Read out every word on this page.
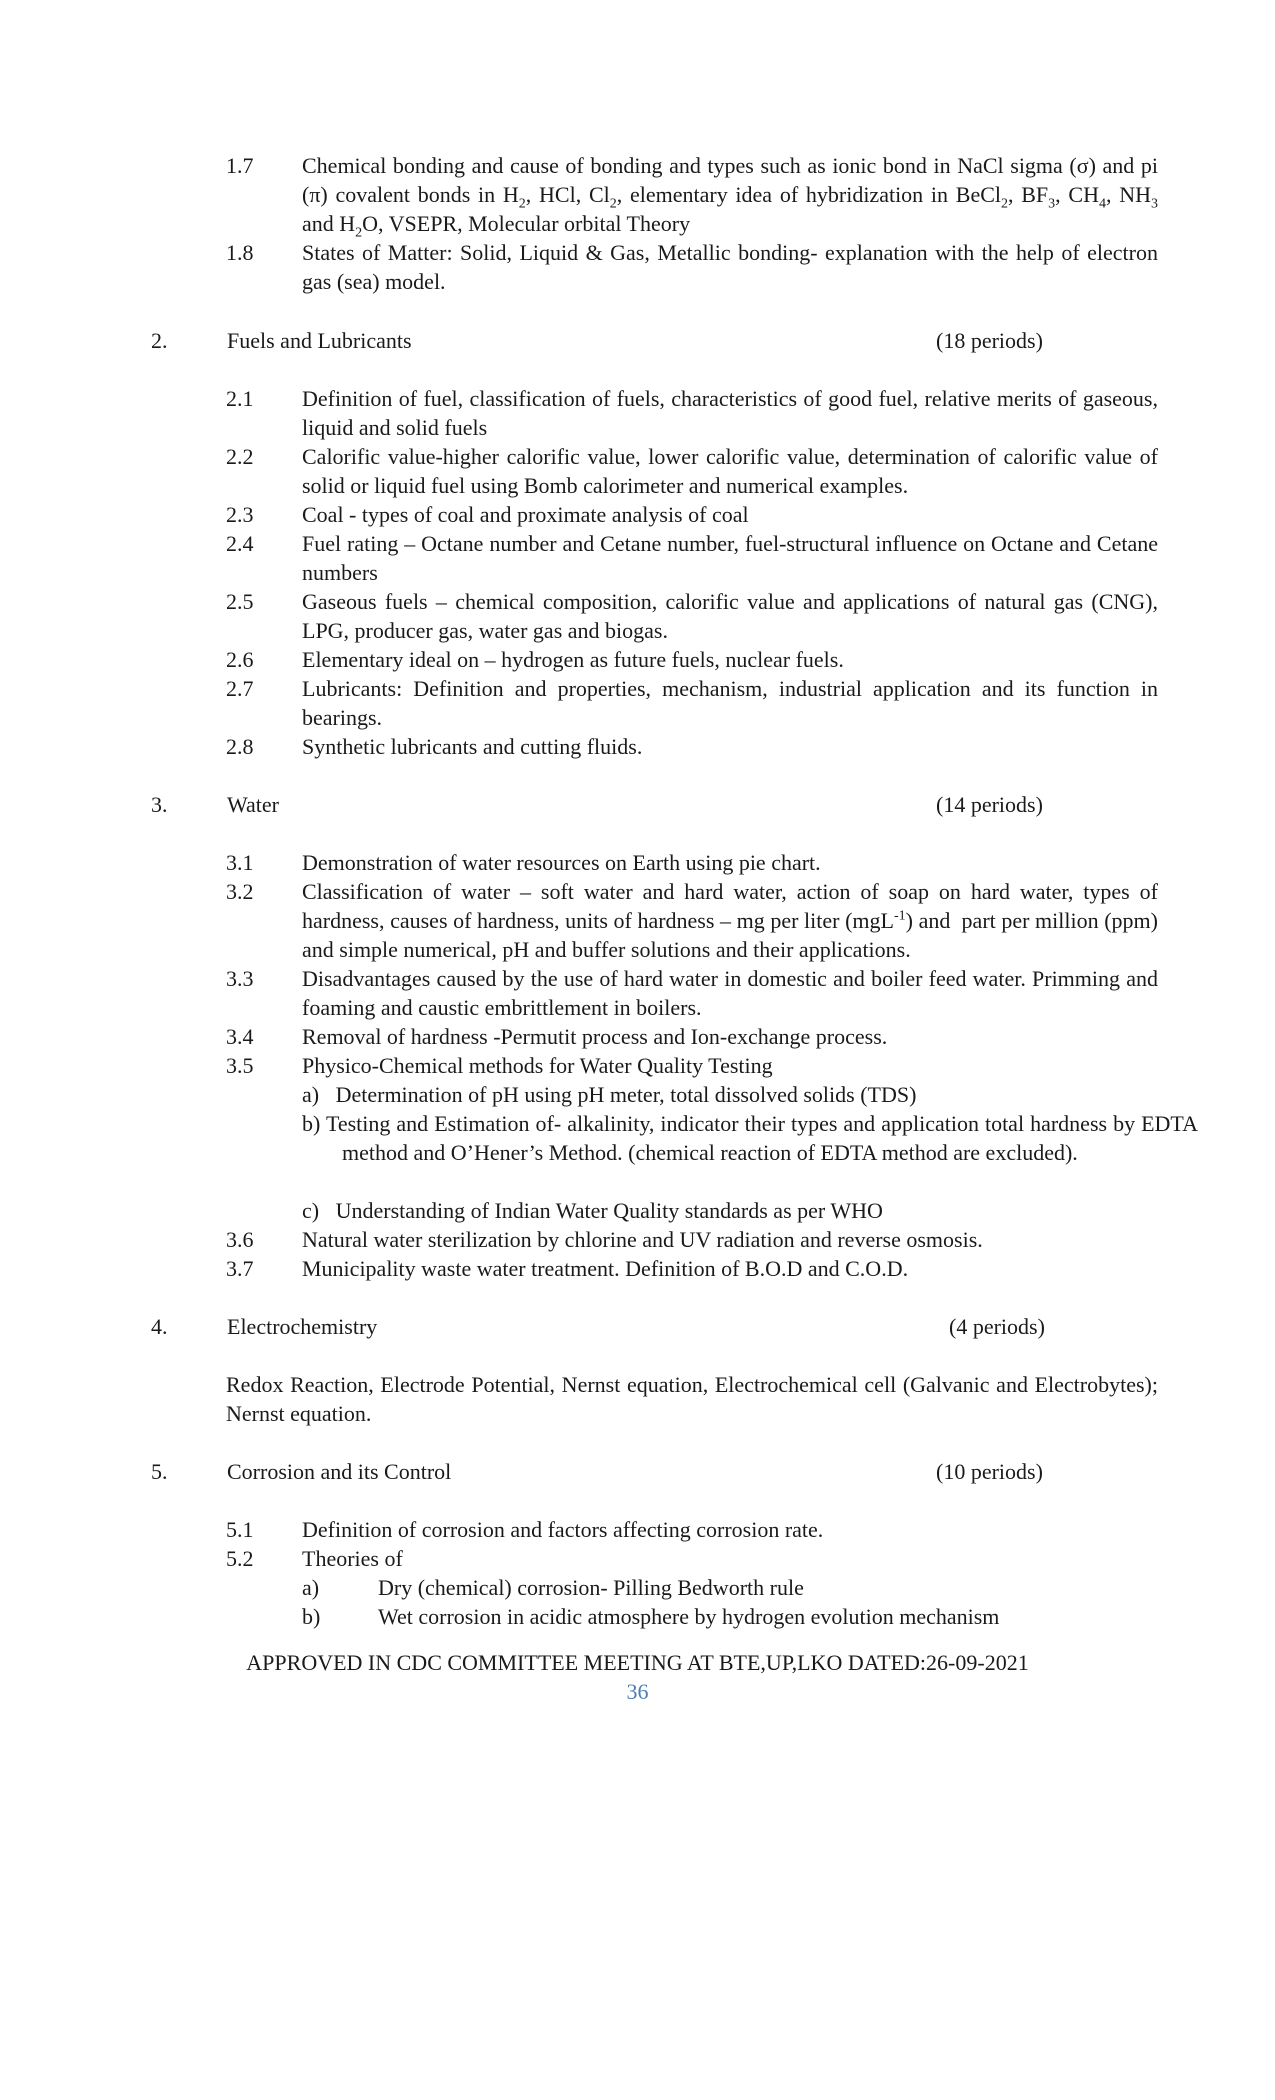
1.7 Chemical bonding and cause of bonding and types such as ionic bond in NaCl sigma (σ) and pi (π) covalent bonds in $H_2$, HCl, $Cl_2$, elementary idea of hybridization in BeCl$_2$, $BF_3$, $CH_4$, $NH_3$ and $H_2O$, VSEPR, Molecular orbital Theory
1.8 States of Matter: Solid, Liquid & Gas, Metallic bonding- explanation with the help of electron gas (sea) model.
2.	Fuels and Lubricants	(18 periods)
2.1 Definition of fuel, classification of fuels, characteristics of good fuel, relative merits of gaseous, liquid and solid fuels
2.2 Calorific value-higher calorific value, lower calorific value, determination of calorific value of solid or liquid fuel using Bomb calorimeter and numerical examples.
2.3 Coal - types of coal and proximate analysis of coal
2.4 Fuel rating – Octane number and Cetane number, fuel-structural influence on Octane and Cetane numbers
2.5 Gaseous fuels – chemical composition, calorific value and applications of natural gas (CNG), LPG, producer gas, water gas and biogas.
2.6 Elementary ideal on – hydrogen as future fuels, nuclear fuels.
2.7 Lubricants: Definition and properties, mechanism, industrial application and its function in bearings.
2.8 Synthetic lubricants and cutting fluids.
3.	Water	(14 periods)
3.1 Demonstration of water resources on Earth using pie chart.
3.2 Classification of water – soft water and hard water, action of soap on hard water, types of hardness, causes of hardness, units of hardness – mg per liter (mgL$^{-1}$) and  part per million (ppm) and simple numerical, pH and buffer solutions and their applications.
3.3 Disadvantages caused by the use of hard water in domestic and boiler feed water. Primming and foaming and caustic embrittlement in boilers.
3.4 Removal of hardness -Permutit process and Ion-exchange process.
3.5 Physico-Chemical methods for Water Quality Testing
a)   Determination of pH using pH meter, total dissolved solids (TDS)
b) Testing and Estimation of- alkalinity, indicator their types and application total hardness by EDTA method and O’Hener’s Method. (chemical reaction of EDTA method are excluded).
c)   Understanding of Indian Water Quality standards as per WHO
3.6 Natural water sterilization by chlorine and UV radiation and reverse osmosis.
3.7 Municipality waste water treatment. Definition of B.O.D and C.O.D.
4.	Electrochemistry	(4 periods)
Redox Reaction, Electrode Potential, Nernst equation, Electrochemical cell (Galvanic and Electrobytes); Nernst equation.
5.	Corrosion and its Control	(10 periods)
5.1 Definition of corrosion and factors affecting corrosion rate.
5.2 Theories of
a)	Dry (chemical) corrosion- Pilling Bedworth rule
b)	Wet corrosion in acidic atmosphere by hydrogen evolution mechanism
APPROVED IN CDC COMMITTEE MEETING AT BTE,UP,LKO DATED:26-09-2021
36
